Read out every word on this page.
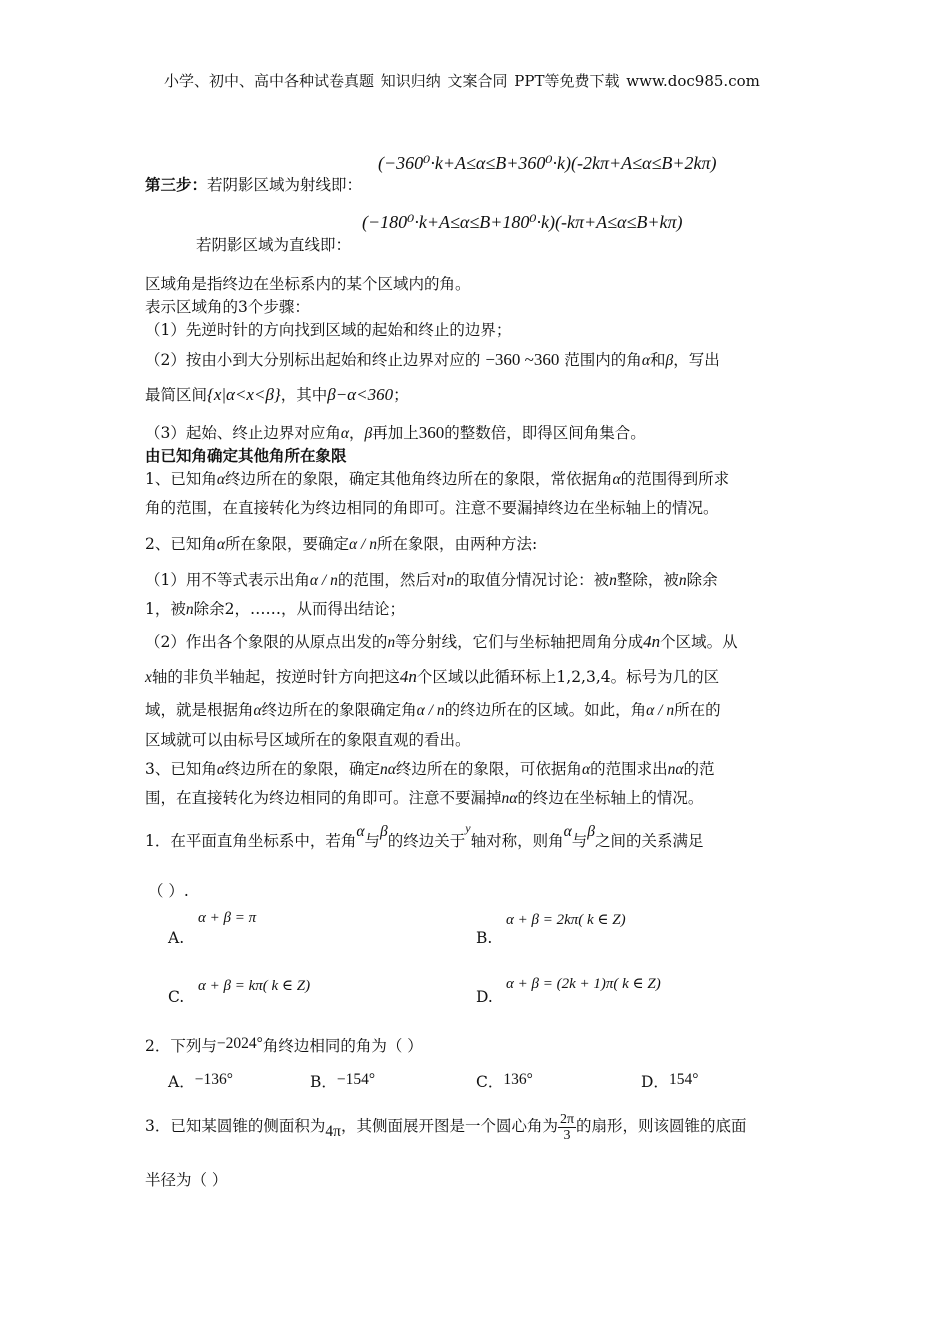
小学、初中、高中各种试卷真题 知识归纳 文案合同 PPT等免费下载 www.doc985.com
(−360⁰·k+A≤α≤B+360⁰·k)(-2kπ+A≤α≤B+2kπ)
第三步：若阴影区域为射线即：
(−180⁰·k+A≤α≤B+180⁰·k)(-kπ+A≤α≤B+kπ)
若阴影区域为直线即：
区域角是指终边在坐标系内的某个区域内的角。
表示区域角的3个步骤：
（1）先逆时针的方向找到区域的起始和终止的边界；
（2）按由小到大分别标出起始和终止边界对应的 −360 ~360 范围内的角α和β，写出
最简区间{x|α<x<β}，其中β−α<360；
（3）起始、终止边界对应角α，β再加上360的整数倍，即得区间角集合。
由已知角确定其他角所在象限
1、已知角α终边所在的象限，确定其他角终边所在的象限，常依据角α的范围得到所求
角的范围，在直接转化为终边相同的角即可。注意不要漏掉终边在坐标轴上的情况。
2、已知角α所在象限，要确定α / n所在象限，由两种方法:
（1）用不等式表示出角α / n的范围，然后对n的取值分情况讨论：被n整除，被n除余
1，被n除余2，……，从而得出结论；
（2）作出各个象限的从原点出发的n等分射线，它们与坐标轴把周角分成4n个区域。从
x轴的非负半轴起，按逆时针方向把这4n个区域以此循环标上1,2,3,4。标号为几的区
域，就是根据角α终边所在的象限确定角α / n的终边所在的区域。如此，角α / n所在的
区域就可以由标号区域所在的象限直观的看出。
3、已知角α终边所在的象限，确定nα终边所在的象限，可依据角α的范围求出nα的范
围，在直接转化为终边相同的角即可。注意不要漏掉nα的终边在坐标轴上的情况。
1．在平面直角坐标系中，若角α与β的终边关于$^y$轴对称，则角α与β之间的关系满足
（ ）.
A.
α + β = π
B.
α + β = 2kπ( k ∈ Z)
C.
α + β = kπ( k ∈ Z)
D.
α + β = (2k + 1)π( k ∈ Z)
2．下列与−2024°角终边相同的角为（ ）
A．−136°	B．−154°	C．136°	D．154°
3．已知某圆锥的侧面积为4π，其侧面展开图是一个圆心角为 $\frac{2\pi}{3}$ 的扇形，则该圆锥的底面
半径为（ ）
